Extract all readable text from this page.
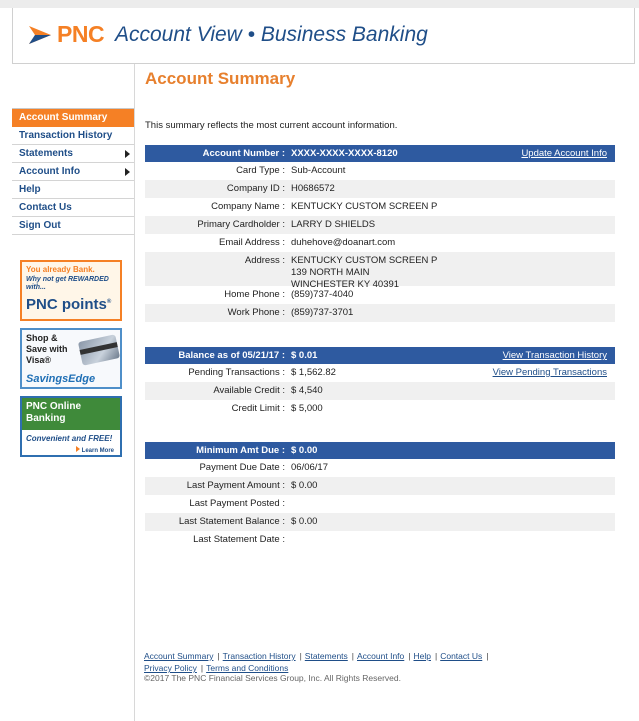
PNC Account View • Business Banking
Account Summary
Transaction History
Statements
Account Info
Help
Contact Us
Sign Out
You already Bank.
Why not get REWARDED
with...
PNC points®
Shop &
Save with
Visa®
SavingsEdge
PNC Online
Banking
Convenient and FREE!
Learn More
Account Summary
This summary reflects the most current account information.
Account Number : XXXX-XXXX-XXXX-8120	Update Account Info
Card Type : Sub-Account
Company ID : H0686572
Company Name : KENTUCKY CUSTOM SCREEN P
Primary Cardholder : LARRY D SHIELDS
Email Address : duhehove@doanart.com
Address : KENTUCKY CUSTOM SCREEN P
139 NORTH MAIN
WINCHESTER KY 40391
Home Phone : (859)737-4040
Work Phone : (859)737-3701
Balance as of 05/21/17 : $ 0.01	View Transaction History
Pending Transactions : $ 1,562.82	View Pending Transactions
Available Credit : $ 4,540
Credit Limit : $ 5,000
Minimum Amt Due : $ 0.00
Payment Due Date : 06/06/17
Last Payment Amount : $ 0.00
Last Payment Posted :
Last Statement Balance : $ 0.00
Last Statement Date :
Account Summary | Transaction History | Statements | Account Info | Help | Contact Us |
Privacy Policy | Terms and Conditions
©2017 The PNC Financial Services Group, Inc. All Rights Reserved.
